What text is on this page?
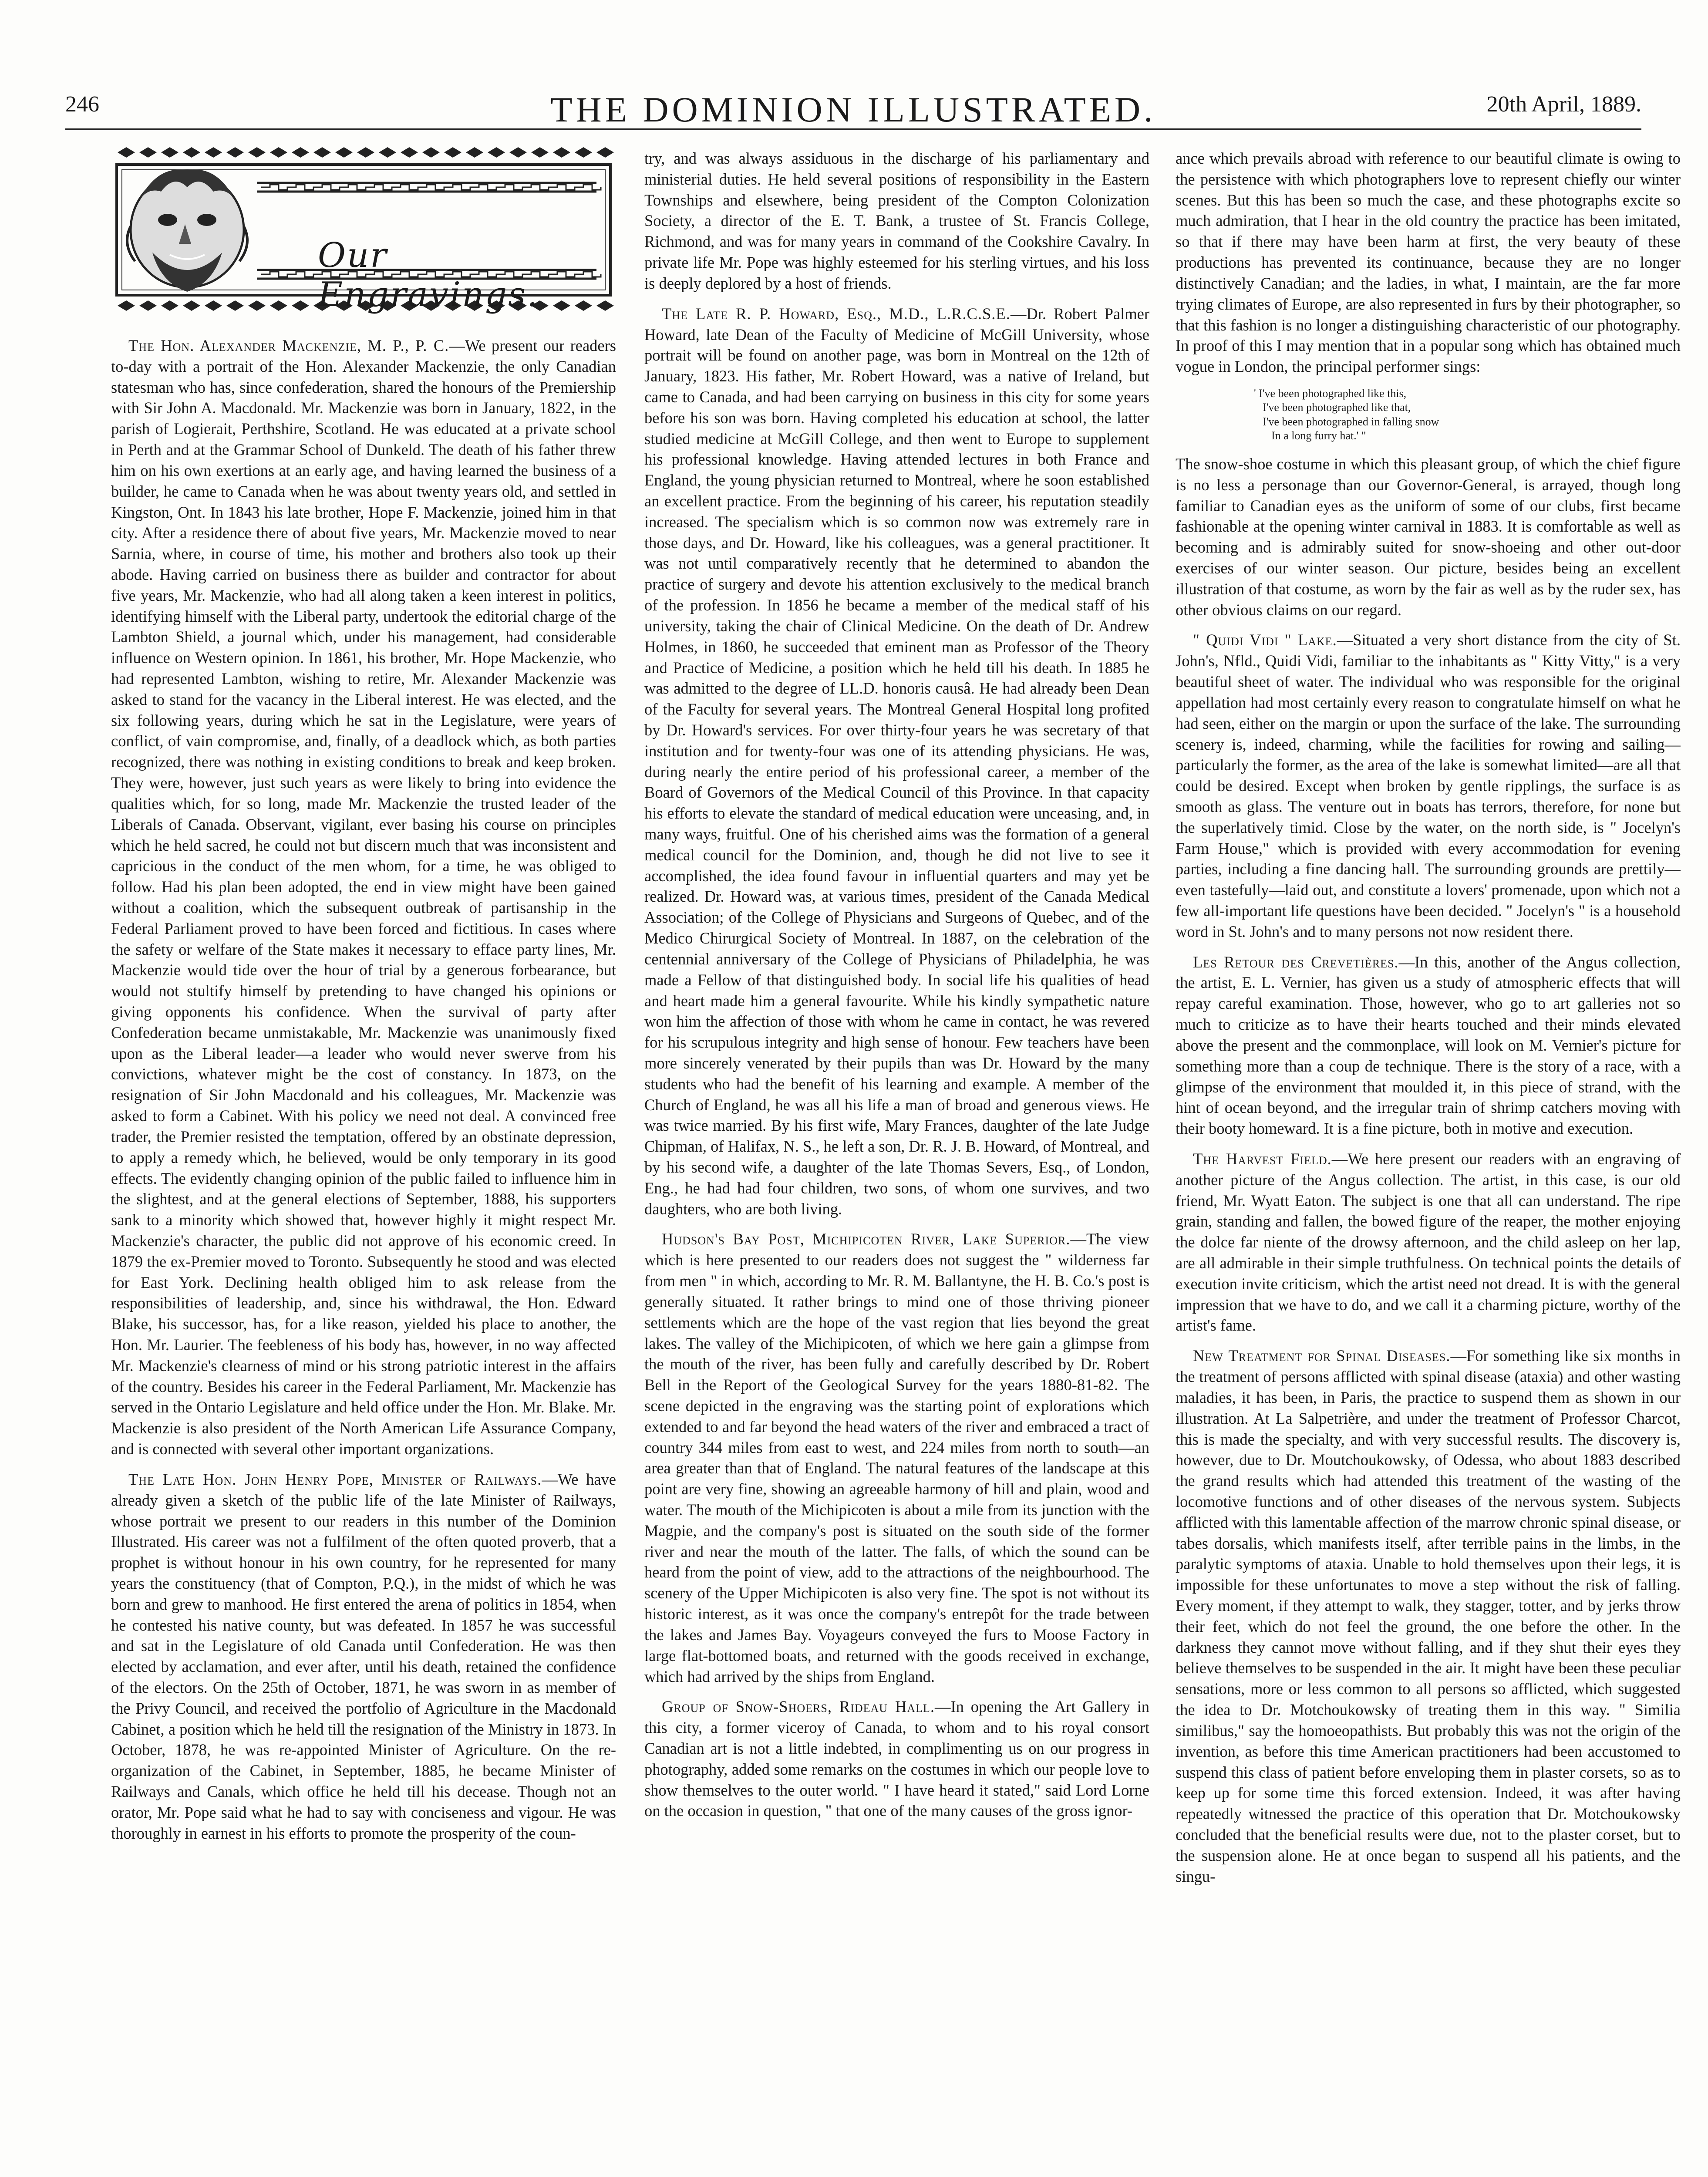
246	THE DOMINION ILLUSTRATED.	20th April, 1889.
Our Engravings.

The Hon. Alexander Mackenzie, M. P., P. C.—We present our readers to-day with a portrait of the Hon. Alexander Mackenzie, the only Canadian statesman who has, since confederation, shared the honours of the Premiership with Sir John A. Macdonald. Mr. Mackenzie was born in January, 1822, in the parish of Logierait, Perthshire, Scotland. He was educated at a private school in Perth and at the Grammar School of Dunkeld. The death of his father threw him on his own exertions at an early age, and having learned the business of a builder, he came to Canada when he was about twenty years old, and settled in Kingston, Ont. In 1843 his late brother, Hope F. Mackenzie, joined him in that city. After a residence there of about five years, Mr. Mackenzie moved to near Sarnia, where, in course of time, his mother and brothers also took up their abode. Having carried on business there as builder and contractor for about five years, Mr. Mackenzie, who had all along taken a keen interest in politics, identifying himself with the Liberal party, undertook the editorial charge of the Lambton Shield, a journal which, under his management, had considerable influence on Western opinion. In 1861, his brother, Mr. Hope Mackenzie, who had represented Lambton, wishing to retire, Mr. Alexander Mackenzie was asked to stand for the vacancy in the Liberal interest. He was elected, and the six following years, during which he sat in the Legislature, were years of conflict, of vain compromise, and, finally, of a deadlock which, as both parties recognized, there was nothing in existing conditions to break and keep broken. They were, however, just such years as were likely to bring into evidence the qualities which, for so long, made Mr. Mackenzie the trusted leader of the Liberals of Canada. Observant, vigilant, ever basing his course on principles which he held sacred, he could not but discern much that was inconsistent and capricious in the conduct of the men whom, for a time, he was obliged to follow. Had his plan been adopted, the end in view might have been gained without a coalition, which the subsequent outbreak of partisanship in the Federal Parliament proved to have been forced and fictitious. In cases where the safety or welfare of the State makes it necessary to efface party lines, Mr. Mackenzie would tide over the hour of trial by a generous forbearance, but would not stultify himself by pretending to have changed his opinions or giving opponents his confidence. When the survival of party after Confederation became unmistakable, Mr. Mackenzie was unanimously fixed upon as the Liberal leader—a leader who would never swerve from his convictions, whatever might be the cost of constancy. In 1873, on the resignation of Sir John Macdonald and his colleagues, Mr. Mackenzie was asked to form a Cabinet. With his policy we need not deal. A convinced free trader, the Premier resisted the temptation, offered by an obstinate depression, to apply a remedy which, he believed, would be only temporary in its good effects. The evidently changing opinion of the public failed to influence him in the slightest, and at the general elections of September, 1888, his supporters sank to a minority which showed that, however highly it might respect Mr. Mackenzie's character, the public did not approve of his economic creed. In 1879 the ex-Premier moved to Toronto. Subsequently he stood and was elected for East York. Declining health obliged him to ask release from the responsibilities of leadership, and, since his withdrawal, the Hon. Edward Blake, his successor, has, for a like reason, yielded his place to another, the Hon. Mr. Laurier. The feebleness of his body has, however, in no way affected Mr. Mackenzie's clearness of mind or his strong patriotic interest in the affairs of the country. Besides his career in the Federal Parliament, Mr. Mackenzie has served in the Ontario Legislature and held office under the Hon. Mr. Blake. Mr. Mackenzie is also president of the North American Life Assurance Company, and is connected with several other important organizations.

The Late Hon. John Henry Pope, Minister of Railways.—We have already given a sketch of the public life of the late Minister of Railways, whose portrait we present to our readers in this number of the Dominion Illustrated. His career was not a fulfilment of the often quoted proverb, that a prophet is without honour in his own country, for he represented for many years the constituency (that of Compton, P.Q.), in the midst of which he was born and grew to manhood. He first entered the arena of politics in 1854, when he contested his native county, but was defeated. In 1857 he was successful and sat in the Legislature of old Canada until Confederation. He was then elected by acclamation, and ever after, until his death, retained the confidence of the electors. On the 25th of October, 1871, he was sworn in as member of the Privy Council, and received the portfolio of Agriculture in the Macdonald Cabinet, a position which he held till the resignation of the Ministry in 1873. In October, 1878, he was re-appointed Minister of Agriculture. On the re-organization of the Cabinet, in September, 1885, he became Minister of Railways and Canals, which office he held till his decease. Though not an orator, Mr. Pope said what he had to say with conciseness and vigour. He was thoroughly in earnest in his efforts to promote the prosperity of the coun-

try, and was always assiduous in the discharge of his parliamentary and ministerial duties. He held several positions of responsibility in the Eastern Townships and elsewhere, being president of the Compton Colonization Society, a director of the E. T. Bank, a trustee of St. Francis College, Richmond, and was for many years in command of the Cookshire Cavalry. In private life Mr. Pope was highly esteemed for his sterling virtues, and his loss is deeply deplored by a host of friends.

The Late R. P. Howard, Esq., M.D., L.R.C.S.E.—Dr. Robert Palmer Howard, late Dean of the Faculty of Medicine of McGill University, whose portrait will be found on another page, was born in Montreal on the 12th of January, 1823. His father, Mr. Robert Howard, was a native of Ireland, but came to Canada, and had been carrying on business in this city for some years before his son was born. Having completed his education at school, the latter studied medicine at McGill College, and then went to Europe to supplement his professional knowledge. Having attended lectures in both France and England, the young physician returned to Montreal, where he soon established an excellent practice. From the beginning of his career, his reputation steadily increased. The specialism which is so common now was extremely rare in those days, and Dr. Howard, like his colleagues, was a general practitioner. It was not until comparatively recently that he determined to abandon the practice of surgery and devote his attention exclusively to the medical branch of the profession. In 1856 he became a member of the medical staff of his university, taking the chair of Clinical Medicine. On the death of Dr. Andrew Holmes, in 1860, he succeeded that eminent man as Professor of the Theory and Practice of Medicine, a position which he held till his death. In 1885 he was admitted to the degree of LL.D. honoris causâ. He had already been Dean of the Faculty for several years. The Montreal General Hospital long profited by Dr. Howard's services. For over thirty-four years he was secretary of that institution and for twenty-four was one of its attending physicians. He was, during nearly the entire period of his professional career, a member of the Board of Governors of the Medical Council of this Province. In that capacity his efforts to elevate the standard of medical education were unceasing, and, in many ways, fruitful. One of his cherished aims was the formation of a general medical council for the Dominion, and, though he did not live to see it accomplished, the idea found favour in influential quarters and may yet be realized. Dr. Howard was, at various times, president of the Canada Medical Association; of the College of Physicians and Surgeons of Quebec, and of the Medico Chirurgical Society of Montreal. In 1887, on the celebration of the centennial anniversary of the College of Physicians of Philadelphia, he was made a Fellow of that distinguished body. In social life his qualities of head and heart made him a general favourite. While his kindly sympathetic nature won him the affection of those with whom he came in contact, he was revered for his scrupulous integrity and high sense of honour. Few teachers have been more sincerely venerated by their pupils than was Dr. Howard by the many students who had the benefit of his learning and example. A member of the Church of England, he was all his life a man of broad and generous views. He was twice married. By his first wife, Mary Frances, daughter of the late Judge Chipman, of Halifax, N. S., he left a son, Dr. R. J. B. Howard, of Montreal, and by his second wife, a daughter of the late Thomas Severs, Esq., of London, Eng., he had had four children, two sons, of whom one survives, and two daughters, who are both living.

Hudson's Bay Post, Michipicoten River, Lake Superior.—The view which is here presented to our readers does not suggest the " wilderness far from men " in which, according to Mr. R. M. Ballantyne, the H. B. Co.'s post is generally situated. It rather brings to mind one of those thriving pioneer settlements which are the hope of the vast region that lies beyond the great lakes. The valley of the Michipicoten, of which we here gain a glimpse from the mouth of the river, has been fully and carefully described by Dr. Robert Bell in the Report of the Geological Survey for the years 1880-81-82. The scene depicted in the engraving was the starting point of explorations which extended to and far beyond the head waters of the river and embraced a tract of country 344 miles from east to west, and 224 miles from north to south—an area greater than that of England. The natural features of the landscape at this point are very fine, showing an agreeable harmony of hill and plain, wood and water. The mouth of the Michipicoten is about a mile from its junction with the Magpie, and the company's post is situated on the south side of the former river and near the mouth of the latter. The falls, of which the sound can be heard from the point of view, add to the attractions of the neighbourhood. The scenery of the Upper Michipicoten is also very fine. The spot is not without its historic interest, as it was once the company's entrepôt for the trade between the lakes and James Bay. Voyageurs conveyed the furs to Moose Factory in large flat-bottomed boats, and returned with the goods received in exchange, which had arrived by the ships from England.

Group of Snow-Shoers, Rideau Hall.—In opening the Art Gallery in this city, a former viceroy of Canada, to whom and to his royal consort Canadian art is not a little indebted, in complimenting us on our progress in photography, added some remarks on the costumes in which our people love to show themselves to the outer world. " I have heard it stated," said Lord Lorne on the occasion in question, " that one of the many causes of the gross ignor-

ance which prevails abroad with reference to our beautiful climate is owing to the persistence with which photographers love to represent chiefly our winter scenes. But this has been so much the case, and these photographs excite so much admiration, that I hear in the old country the practice has been imitated, so that if there may have been harm at first, the very beauty of these productions has prevented its continuance, because they are no longer distinctively Canadian; and the ladies, in what, I maintain, are the far more trying climates of Europe, are also represented in furs by their photographer, so that this fashion is no longer a distinguishing characteristic of our photography. In proof of this I may mention that in a popular song which has obtained much vogue in London, the principal performer sings:

' I've been photographed like this,
I've been photographed like that,
I've been photographed in falling snow
In a long furry hat.' "

The snow-shoe costume in which this pleasant group, of which the chief figure is no less a personage than our Governor-General, is arrayed, though long familiar to Canadian eyes as the uniform of some of our clubs, first became fashionable at the opening winter carnival in 1883. It is comfortable as well as becoming and is admirably suited for snow-shoeing and other out-door exercises of our winter season. Our picture, besides being an excellent illustration of that costume, as worn by the fair as well as by the ruder sex, has other obvious claims on our regard.

" Quidi Vidi " Lake.—Situated a very short distance from the city of St. John's, Nfld., Quidi Vidi, familiar to the inhabitants as " Kitty Vitty," is a very beautiful sheet of water. The individual who was responsible for the original appellation had most certainly every reason to congratulate himself on what he had seen, either on the margin or upon the surface of the lake. The surrounding scenery is, indeed, charming, while the facilities for rowing and sailing—particularly the former, as the area of the lake is somewhat limited—are all that could be desired. Except when broken by gentle ripplings, the surface is as smooth as glass. The venture out in boats has terrors, therefore, for none but the superlatively timid. Close by the water, on the north side, is " Jocelyn's Farm House," which is provided with every accommodation for evening parties, including a fine dancing hall. The surrounding grounds are prettily—even tastefully—laid out, and constitute a lovers' promenade, upon which not a few all-important life questions have been decided. " Jocelyn's " is a household word in St. John's and to many persons not now resident there.

Les Retour des Crevetières.—In this, another of the Angus collection, the artist, E. L. Vernier, has given us a study of atmospheric effects that will repay careful examination. Those, however, who go to art galleries not so much to criticize as to have their hearts touched and their minds elevated above the present and the commonplace, will look on M. Vernier's picture for something more than a coup de technique. There is the story of a race, with a glimpse of the environment that moulded it, in this piece of strand, with the hint of ocean beyond, and the irregular train of shrimp catchers moving with their booty homeward. It is a fine picture, both in motive and execution.

The Harvest Field.—We here present our readers with an engraving of another picture of the Angus collection. The artist, in this case, is our old friend, Mr. Wyatt Eaton. The subject is one that all can understand. The ripe grain, standing and fallen, the bowed figure of the reaper, the mother enjoying the dolce far niente of the drowsy afternoon, and the child asleep on her lap, are all admirable in their simple truthfulness. On technical points the details of execution invite criticism, which the artist need not dread. It is with the general impression that we have to do, and we call it a charming picture, worthy of the artist's fame.

New Treatment for Spinal Diseases.—For something like six months in the treatment of persons afflicted with spinal disease (ataxia) and other wasting maladies, it has been, in Paris, the practice to suspend them as shown in our illustration. At La Salpetrière, and under the treatment of Professor Charcot, this is made the specialty, and with very successful results. The discovery is, however, due to Dr. Moutchoukowsky, of Odessa, who about 1883 described the grand results which had attended this treatment of the wasting of the locomotive functions and of other diseases of the nervous system. Subjects afflicted with this lamentable affection of the marrow chronic spinal disease, or tabes dorsalis, which manifests itself, after terrible pains in the limbs, in the paralytic symptoms of ataxia. Unable to hold themselves upon their legs, it is impossible for these unfortunates to move a step without the risk of falling. Every moment, if they attempt to walk, they stagger, totter, and by jerks throw their feet, which do not feel the ground, the one before the other. In the darkness they cannot move without falling, and if they shut their eyes they believe themselves to be suspended in the air. It might have been these peculiar sensations, more or less common to all persons so afflicted, which suggested the idea to Dr. Motchoukowsky of treating them in this way. " Similia similibus," say the homoeopathists. But probably this was not the origin of the invention, as before this time American practitioners had been accustomed to suspend this class of patient before enveloping them in plaster corsets, so as to keep up for some time this forced extension. Indeed, it was after having repeatedly witnessed the practice of this operation that Dr. Motchoukowsky concluded that the beneficial results were due, not to the plaster corset, but to the suspension alone. He at once began to suspend all his patients, and the singu-
